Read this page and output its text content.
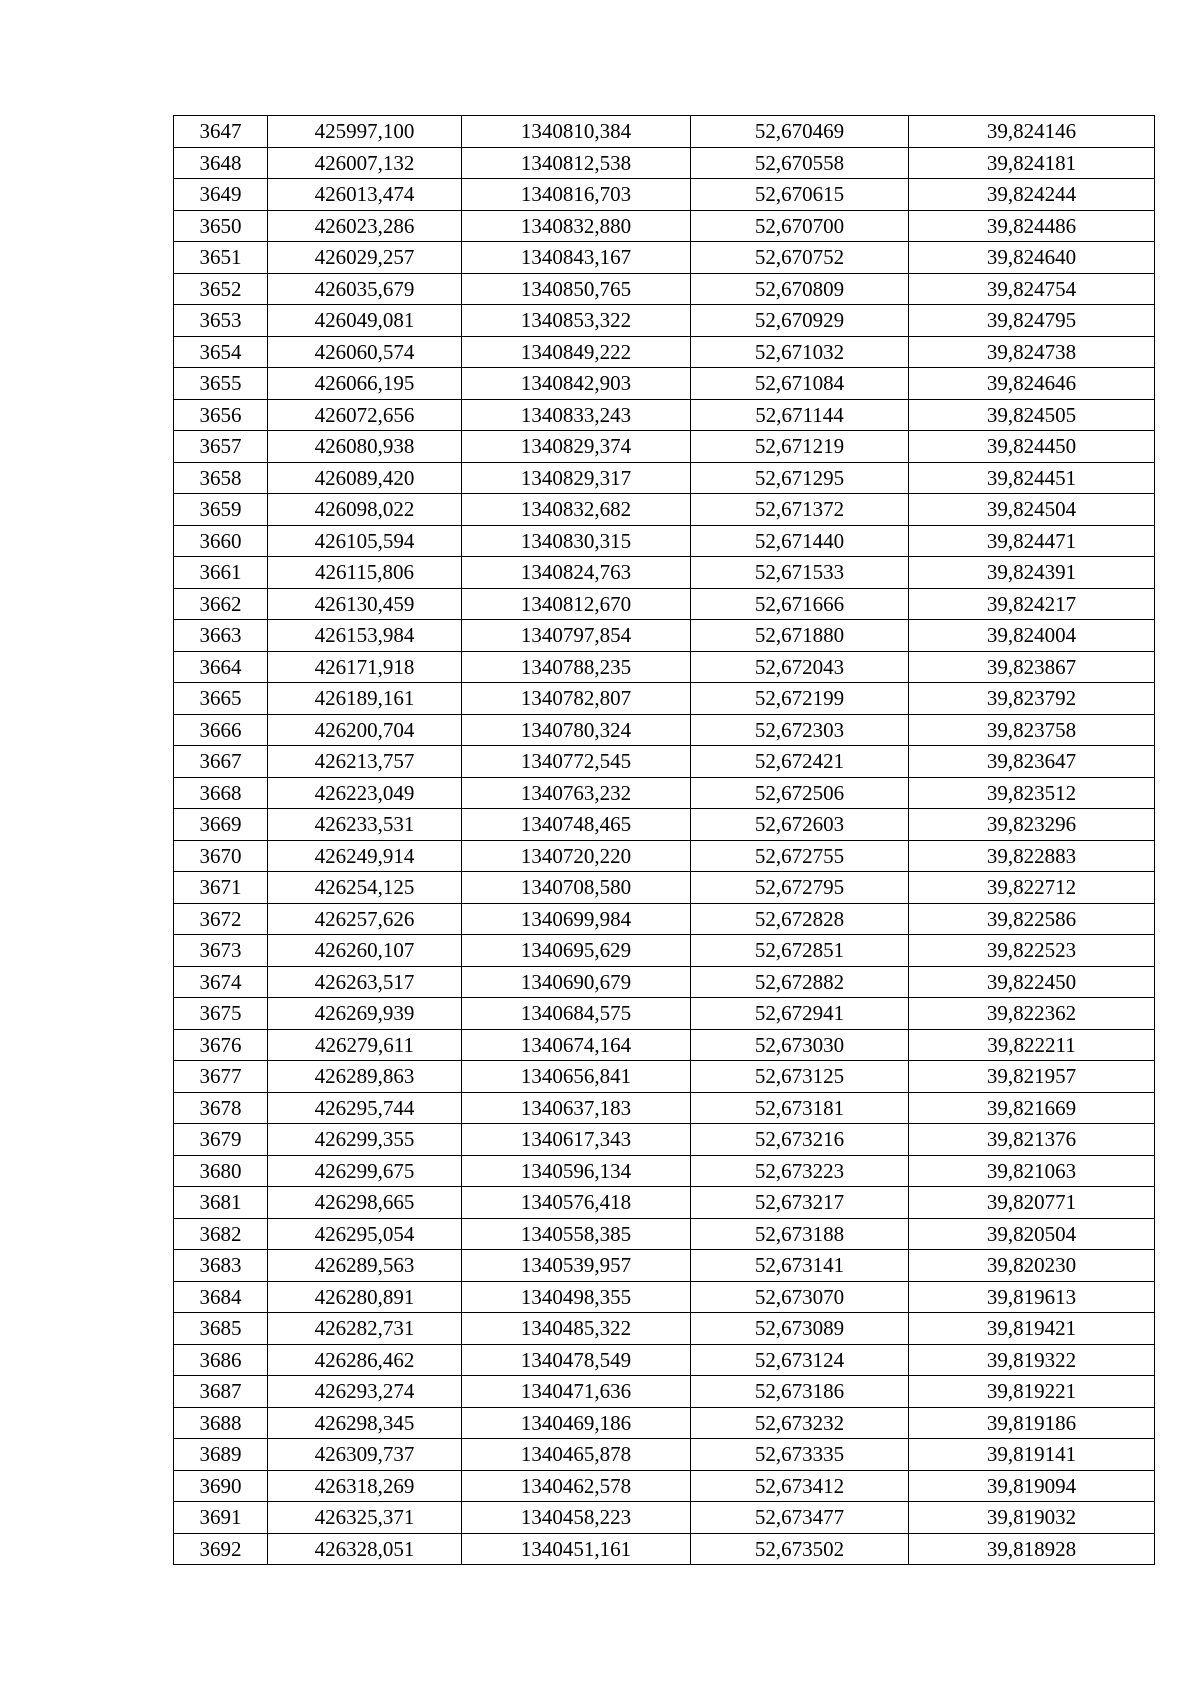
3647	425997,100	1340810,384	52,670469	39,824146
3648	426007,132	1340812,538	52,670558	39,824181
3649	426013,474	1340816,703	52,670615	39,824244
3650	426023,286	1340832,880	52,670700	39,824486
3651	426029,257	1340843,167	52,670752	39,824640
3652	426035,679	1340850,765	52,670809	39,824754
3653	426049,081	1340853,322	52,670929	39,824795
3654	426060,574	1340849,222	52,671032	39,824738
3655	426066,195	1340842,903	52,671084	39,824646
3656	426072,656	1340833,243	52,671144	39,824505
3657	426080,938	1340829,374	52,671219	39,824450
3658	426089,420	1340829,317	52,671295	39,824451
3659	426098,022	1340832,682	52,671372	39,824504
3660	426105,594	1340830,315	52,671440	39,824471
3661	426115,806	1340824,763	52,671533	39,824391
3662	426130,459	1340812,670	52,671666	39,824217
3663	426153,984	1340797,854	52,671880	39,824004
3664	426171,918	1340788,235	52,672043	39,823867
3665	426189,161	1340782,807	52,672199	39,823792
3666	426200,704	1340780,324	52,672303	39,823758
3667	426213,757	1340772,545	52,672421	39,823647
3668	426223,049	1340763,232	52,672506	39,823512
3669	426233,531	1340748,465	52,672603	39,823296
3670	426249,914	1340720,220	52,672755	39,822883
3671	426254,125	1340708,580	52,672795	39,822712
3672	426257,626	1340699,984	52,672828	39,822586
3673	426260,107	1340695,629	52,672851	39,822523
3674	426263,517	1340690,679	52,672882	39,822450
3675	426269,939	1340684,575	52,672941	39,822362
3676	426279,611	1340674,164	52,673030	39,822211
3677	426289,863	1340656,841	52,673125	39,821957
3678	426295,744	1340637,183	52,673181	39,821669
3679	426299,355	1340617,343	52,673216	39,821376
3680	426299,675	1340596,134	52,673223	39,821063
3681	426298,665	1340576,418	52,673217	39,820771
3682	426295,054	1340558,385	52,673188	39,820504
3683	426289,563	1340539,957	52,673141	39,820230
3684	426280,891	1340498,355	52,673070	39,819613
3685	426282,731	1340485,322	52,673089	39,819421
3686	426286,462	1340478,549	52,673124	39,819322
3687	426293,274	1340471,636	52,673186	39,819221
3688	426298,345	1340469,186	52,673232	39,819186
3689	426309,737	1340465,878	52,673335	39,819141
3690	426318,269	1340462,578	52,673412	39,819094
3691	426325,371	1340458,223	52,673477	39,819032
3692	426328,051	1340451,161	52,673502	39,818928
